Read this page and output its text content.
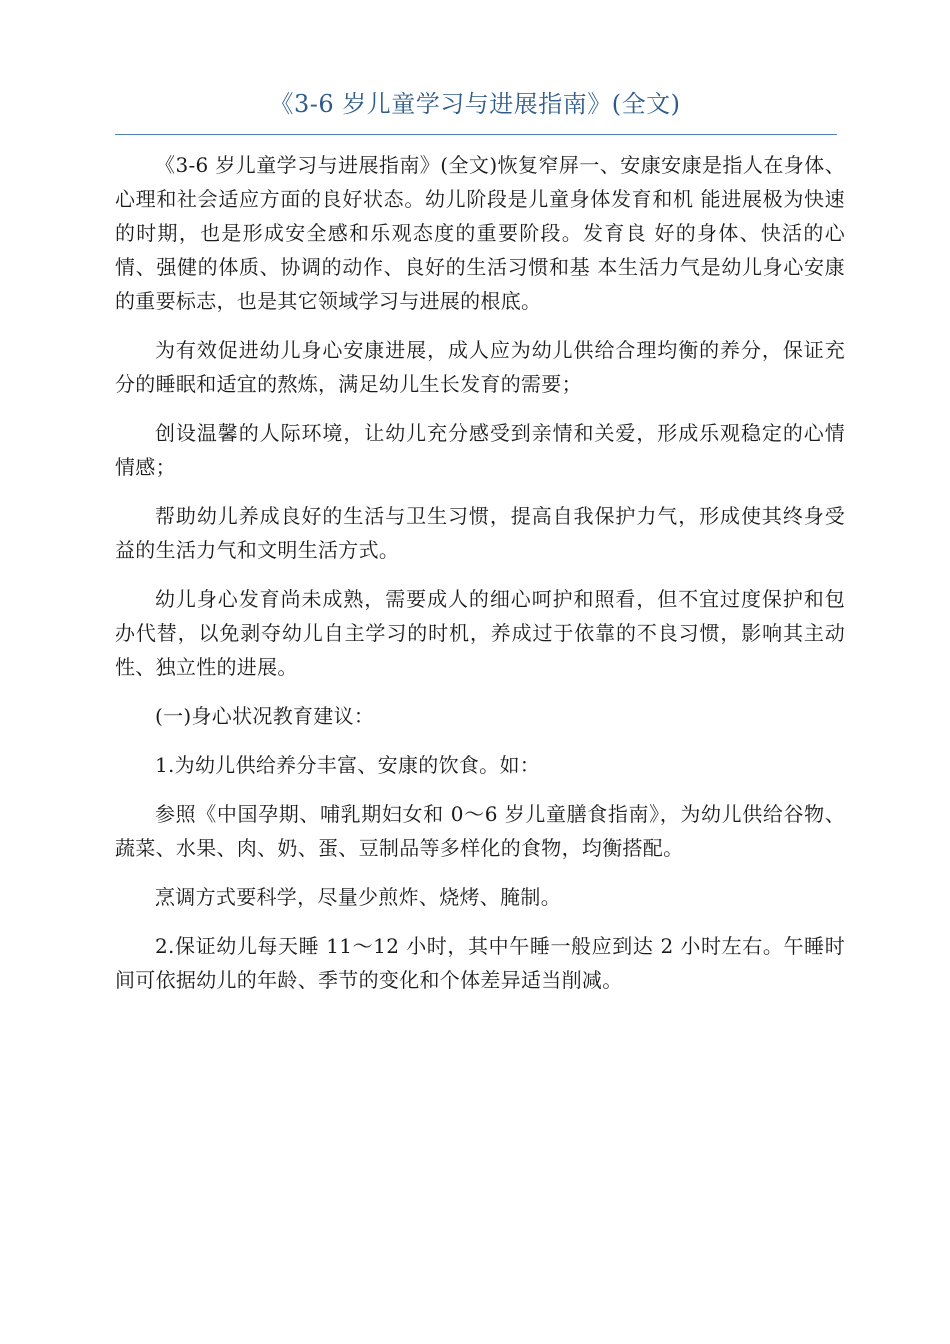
《3-6 岁儿童学习与进展指南》(全文)

《3-6 岁儿童学习与进展指南》(全文)恢复窄屏一、安康安康是指人在身体、心理和社会适应方面的良好状态。幼儿阶段是儿童身体发育和机 能进展极为快速的时期，也是形成安全感和乐观态度的重要阶段。发育良 好的身体、快活的心情、强健的体质、协调的动作、良好的生活习惯和基 本生活力气是幼儿身心安康的重要标志，也是其它领域学习与进展的根底。

为有效促进幼儿身心安康进展，成人应为幼儿供给合理均衡的养分，保证充分的睡眠和适宜的熬炼，满足幼儿生长发育的需要；

创设温馨的人际环境，让幼儿充分感受到亲情和关爱，形成乐观稳定的心情情感；

帮助幼儿养成良好的生活与卫生习惯，提高自我保护力气，形成使其终身受益的生活力气和文明生活方式。

幼儿身心发育尚未成熟，需要成人的细心呵护和照看，但不宜过度保护和包办代替，以免剥夺幼儿自主学习的时机，养成过于依靠的不良习惯，影响其主动性、独立性的进展。

(一)身心状况教育建议：

1.为幼儿供给养分丰富、安康的饮食。如：

参照《中国孕期、哺乳期妇女和 0～6 岁儿童膳食指南》，为幼儿供给谷物、蔬菜、水果、肉、奶、蛋、豆制品等多样化的食物，均衡搭配。

烹调方式要科学，尽量少煎炸、烧烤、腌制。

2.保证幼儿每天睡 11～12 小时，其中午睡一般应到达 2 小时左右。午睡时间可依据幼儿的年龄、季节的变化和个体差异适当削减。
